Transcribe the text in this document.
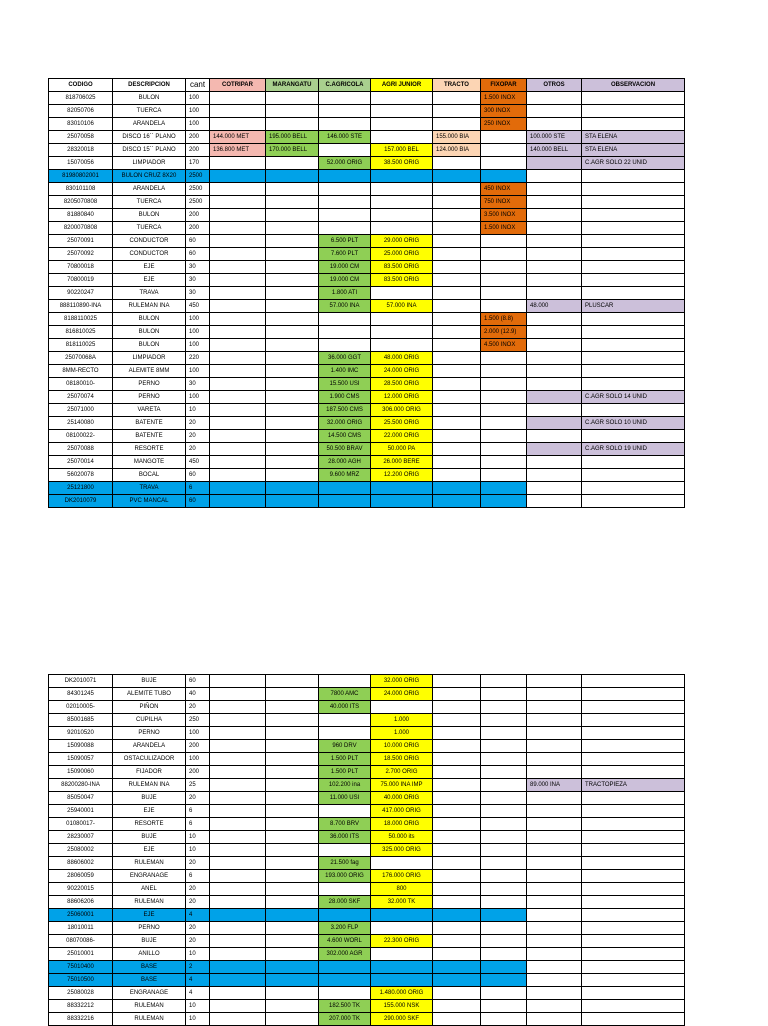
CODIGO	DESCRIPCION	cant	COTRIPAR	MARANGATU	C.AGRICOLA	AGRI JUNIOR	TRACTO	FIXOPAR	OTROS	OBSERVACION
818706025	BULON	100						1.500 INOX		
82050706	TUERCA	100						300 INOX		
83010106	ARANDELA	100						250 INOX		
25070058	DISCO 16´´ PLANO	200	144.000 MET	195.000 BELL	146.000 STE		155.000 BIA		100.000 STE	STA ELENA
28320018	DISCO 15´´ PLANO	200	136.800 MET	170.000 BELL		157.000 BEL	124.000 BIA		140.000 BELL	STA ELENA
15070056	LIMPIADOR	170			52.000 ORIG	38.500 ORIG				C.AGR SOLO 22 UNID
81980802001	BULON CRUZ 8X20	2500								
830101108	ARANDELA	2500						450 INOX		
8205070808	TUERCA	2500						750 INOX		
81880840	BULON	200						3.500 INOX		
8200070808	TUERCA	200						1.500 INOX		
25070091	CONDUCTOR	60			6.500 PLT	29.000 ORIG				
25070092	CONDUCTOR	60			7.600 PLT	25.000 ORIG				
70800018	EJE	30			19.000 CM	83.500 ORIG				
70800019	EJE	30			19.000 CM	83.500 ORIG				
90220247	TRAVA	30			1.800 ATI					
888110890-INA	RULEMAN INA	450			57.000 INA	57.000 INA			48.000	PLUSCAR
8188110025	BULON	100						1.500 (8.8)		
816810025	BULON	100						2.000 (12.9)		
818110025	BULON	100						4.500 INOX		
25070068A	LIMPIADOR	220			36.000 GGT	48.000 ORIG				
8MM-RECTO	ALEMITE 8MM	100			1.400 IMC	24.000 ORIG				
08180010-	PERNO	30			15.500 USI	28.500 ORIG				
25070074	PERNO	100			1.900 CMS	12.000 ORIG				C.AGR SOLO 14 UNID
25071000	VARETA	10			187.500 CMS	306.000 ORIG				
25140080	BATENTE	20			32.000 ORIG	25.500 ORIG				C.AGR SOLO 10 UNID
08100022-	BATENTE	20			14.500 CMS	22.000 ORIG				
25070088	RESORTE	20			50.500 BRAV	50.000 PA				C.AGR SOLO 19 UNID
25070014	MANGOTE	450			28.000 AGH	26.000 BERE				
56020078	BOCAL	60			9.600 MRZ	12.200 ORIG				
25121800	TRAVA	6								
DK2010079	PVC MANCAL	60								
DK2010071	BUJE	60				32.000 ORIG				
84301245	ALEMITE TUBO	40			7800 AMC	24.000 ORIG				
02010005-	PIÑON	20			40.000 ITS					
85001685	CUPILHA	250				1.000				
92010520	PERNO	100				1.000				
15090088	ARANDELA	200			960 DRV	10.000 ORIG				
15090057	OSTACULIZADOR	100			1.500 PLT	18.500 ORIG				
15090060	FIJADOR	200			1.500 PLT	2.700 ORIG				
88200280-INA	RULEMAN INA	25			102.200 ina	75.000 INA IMP			89.000 INA	TRACTOPIEZA
85050047	BUJE	20			11.000 USI	40.000 ORIG				
25940001	EJE	6				417.000 ORIG				
01080017-	RESORTE	6			8.700 BRV	18.000 ORIG				
28230007	BUJE	10			36.000 ITS	50.000 its				
25080002	EJE	10				325.000 ORIG				
88606002	RULEMAN	20			21.500 fag					
28060059	ENGRANAGE	6			193.000 ORIG	176.000 ORIG				
90220015	ANEL	20				800				
88606206	RULEMAN	20			28.000 SKF	32.000 TK				
25060001	EJE	4								
18010011	PERNO	20			3.200 FLP					
08070086-	BUJE	20			4.600 WORL	22.300 ORIG				
25010001	ANILLO	10			302.000 AGR					
75010400	BASE	2								
75010500	BASE	4								
25080028	ENGRANAGE	4				1.480.000 ORIG				
88332212	RULEMAN	10			182.500 TK	155.000 NSK				
88332216	RULEMAN	10			207.000 TK	290.000 SKF				
